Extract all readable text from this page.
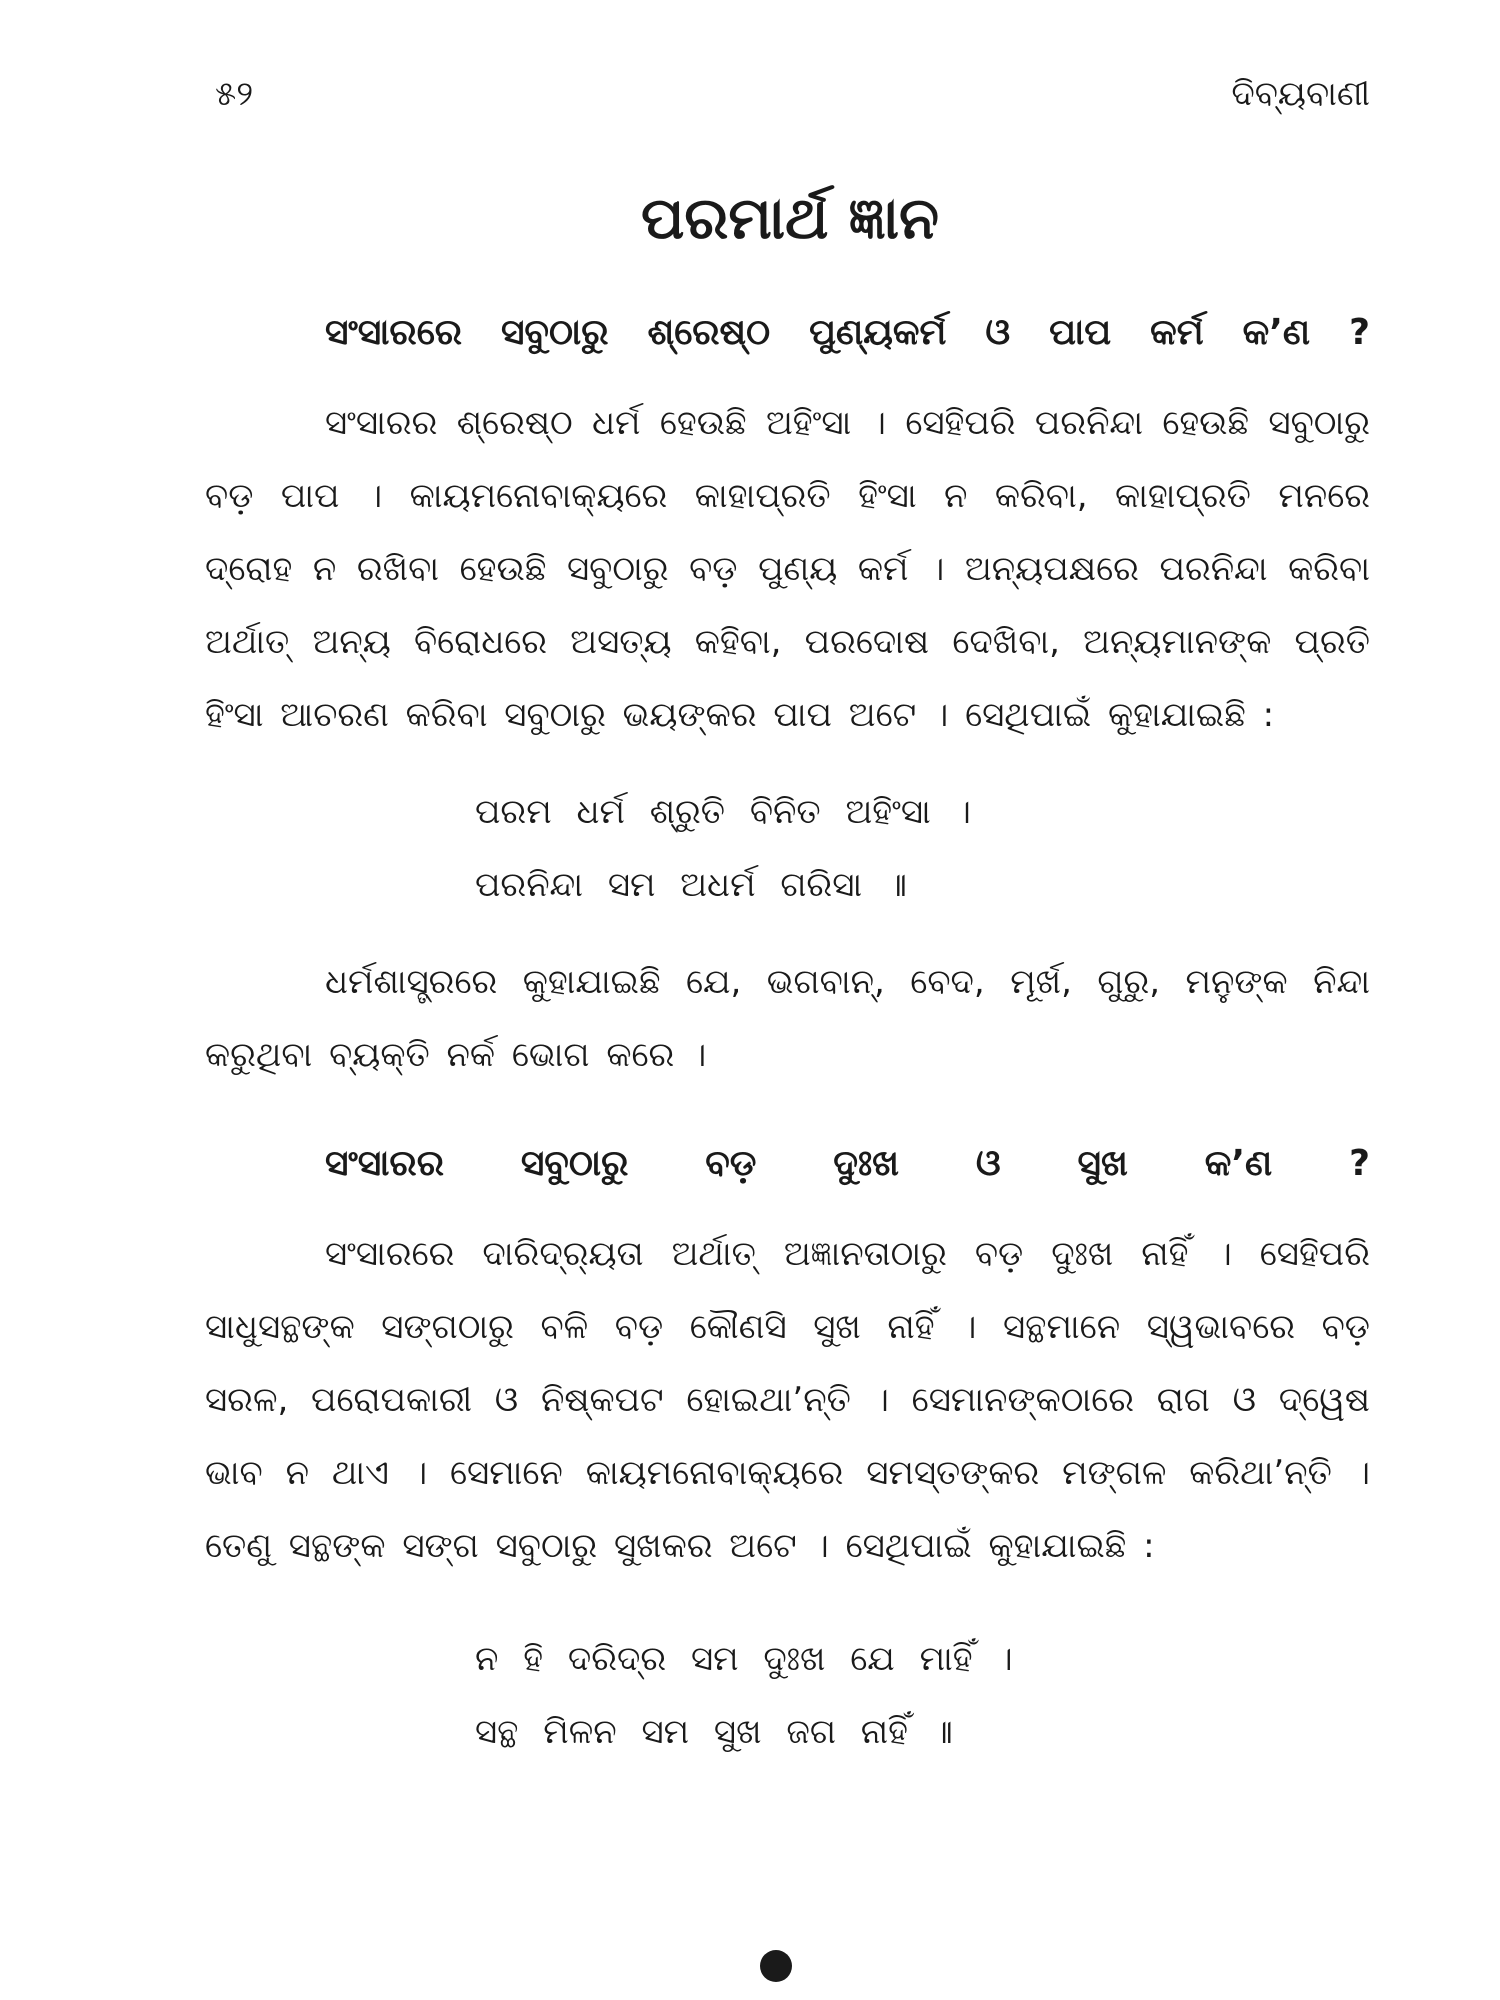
୫୨	ଦିବ୍ୟବାଣୀ
ପରମାର୍ଥ ଜ୍ଞାନ

ସଂସାରରେ ସବୁଠାରୁ ଶ୍ରେଷ୍ଠ ପୁଣ୍ୟକର୍ମ ଓ ପାପ କର୍ମ କ’ଣ ?

ସଂସାରର ଶ୍ରେଷ୍ଠ ଧର୍ମ ହେଉଛି ଅହିଂସା । ସେହିପରି ପରନିନ୍ଦା ହେଉଛି ସବୁଠାରୁ ବଡ଼ ପାପ । କାୟମନୋବାକ୍ୟରେ କାହାପ୍ରତି ହିଂସା ନ କରିବା, କାହାପ୍ରତି ମନରେ ଦ୍ରୋହ ନ ରଖିବା ହେଉଛି ସବୁଠାରୁ ବଡ଼ ପୁଣ୍ୟ କର୍ମ । ଅନ୍ୟପକ୍ଷରେ ପରନିନ୍ଦା କରିବା ଅର୍ଥାତ୍ ଅନ୍ୟ ବିରୋଧରେ ଅସତ୍ୟ କହିବା, ପରଦୋଷ ଦେଖିବା, ଅନ୍ୟମାନଙ୍କ ପ୍ରତି ହିଂସା ଆଚରଣ କରିବା ସବୁଠାରୁ ଭୟଙ୍କର ପାପ ଅଟେ । ସେଥିପାଇଁ କୁହାଯାଇଛି :

ପରମ ଧର୍ମ ଶ୍ରୁତି ବିନିତ ଅହିଂସା ।

ପରନିନ୍ଦା ସମ ଅଧର୍ମ ଗରିସା ॥

ଧର୍ମଶାସ୍ତ୍ରରେ କୁହାଯାଇଛି ଯେ, ଭଗବାନ୍, ବେଦ, ମୂର୍ଖ, ଗୁରୁ, ମନୁଙ୍କ ନିନ୍ଦା କରୁଥିବା ବ୍ୟକ୍ତି ନର୍କ ଭୋଗ କରେ ।

ସଂସାରର ସବୁଠାରୁ ବଡ଼ ଦୁଃଖ ଓ ସୁଖ କ’ଣ ?

ସଂସାରରେ ଦାରିଦ୍ର୍ୟତା ଅର୍ଥାତ୍ ଅଜ୍ଞାନତାଠାରୁ ବଡ଼ ଦୁଃଖ ନାହିଁ । ସେହିପରି ସାଧୁସନ୍ଥଙ୍କ ସଙ୍ଗଠାରୁ ବଳି ବଡ଼ କୌଣସି ସୁଖ ନାହିଁ । ସନ୍ଥମାନେ ସ୍ୱଭାବରେ ବଡ଼ ସରଳ, ପରୋପକାରୀ ଓ ନିଷ୍କପଟ ହୋଇଥା’ନ୍ତି । ସେମାନଙ୍କଠାରେ ରାଗ ଓ ଦ୍ୱେଷ ଭାବ ନ ଥାଏ । ସେମାନେ କାୟମନୋବାକ୍ୟରେ ସମସ୍ତଙ୍କର ମଙ୍ଗଳ କରିଥା’ନ୍ତି । ତେଣୁ ସନ୍ଥଙ୍କ ସଙ୍ଗ ସବୁଠାରୁ ସୁଖକର ଅଟେ । ସେଥିପାଇଁ କୁହାଯାଇଛି :

ନ ହି ଦରିଦ୍ର ସମ ଦୁଃଖ ଯେ ମାହିଁ ।

ସନ୍ଥ ମିଳନ ସମ ସୁଖ ଜଗ ନାହିଁ ॥
